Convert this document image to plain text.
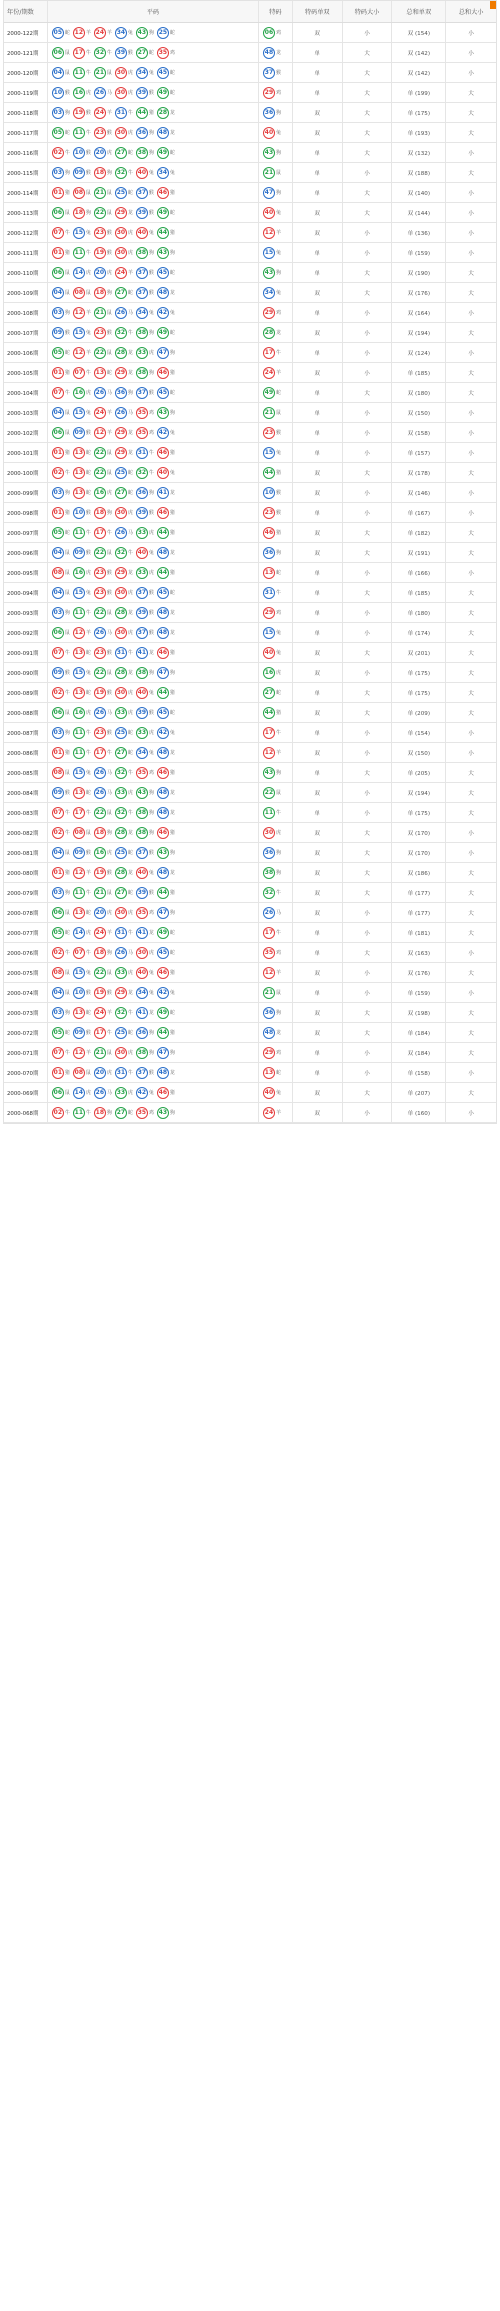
年份/期数	平码	特码	特码单双	特码大小	总和单双	总和大小
2000-122期	05 蛇 12 羊 24 羊 34 兔 43 狗 25 蛇	06 鸡	双	小	双 (154)	小
2000-121期	06 鼠 17 牛 32 牛 39 猴 27 蛇 35 鸡	48 龙	单	大	双 (142)	小
2000-120期	04 鼠 11 牛 21 鼠 30 虎 34 兔 45 蛇	37 猴	单	大	双 (142)	小
2000-119期	10 猴 16 虎 26 马 30 虎 39 猴 49 蛇	29 鸡	单	大	单 (199)	大
2000-118期	03 狗 19 猴 24 羊 31 牛 44 猪 28 龙	36 狗	双	大	单 (175)	大
2000-117期	05 蛇 11 牛 23 猴 30 虎 36 狗 48 龙	40 兔	双	大	单 (193)	大
2000-116期	02 牛 10 猴 20 虎 27 蛇 38 狗 49 蛇	43 狗	单	大	双 (132)	小
2000-115期	03 狗 09 猴 18 狗 32 牛 40 兔 34 兔	21 鼠	单	小	双 (188)	大
2000-114期	01 猪 08 鼠 21 鼠 25 蛇 37 猴 46 猪	47 狗	单	大	双 (140)	小
2000-113期	06 鼠 18 狗 22 鼠 29 龙 39 猴 49 蛇	40 兔	双	大	双 (144)	小
2000-112期	07 牛 15 兔 23 猴 30 虎 40 兔 44 猪	12 羊	双	小	单 (136)	小
2000-111期	01 猪 11 牛 19 猴 30 虎 38 狗 43 狗	15 兔	单	小	单 (159)	小
2000-110期	06 鼠 14 虎 20 虎 24 羊 37 猴 45 蛇	43 狗	单	大	双 (190)	大
2000-109期	04 鼠 08 鼠 18 狗 27 蛇 37 猴 48 龙	34 兔	双	大	双 (176)	大
2000-108期	03 狗 12 羊 21 鼠 26 马 34 兔 42 兔	29 鸡	单	小	双 (164)	小
2000-107期	09 猴 15 兔 23 猴 32 牛 38 狗 49 蛇	28 龙	双	小	双 (194)	大
2000-106期	05 蛇 12 羊 22 鼠 28 龙 33 虎 47 狗	17 牛	单	小	双 (124)	小
2000-105期	01 猪 07 牛 13 蛇 29 龙 38 狗 46 猪	24 羊	双	小	单 (185)	大
2000-104期	07 牛 16 虎 26 马 36 狗 37 猴 45 蛇	49 蛇	单	大	双 (180)	大
2000-103期	04 鼠 15 兔 24 羊 26 马 35 鸡 43 狗	21 鼠	单	小	双 (150)	小
2000-102期	06 鼠 09 猴 12 羊 29 龙 35 鸡 42 兔	23 猴	单	小	双 (158)	小
2000-101期	01 猪 13 蛇 22 鼠 29 龙 31 牛 46 猪	15 兔	单	小	单 (157)	小
2000-100期	02 牛 13 蛇 22 鼠 25 蛇 32 牛 40 兔	44 猪	双	大	双 (178)	大
2000-099期	03 狗 13 蛇 16 虎 27 蛇 36 狗 41 龙	10 猴	双	小	双 (146)	小
2000-098期	01 猪 10 猴 18 狗 30 虎 39 猴 46 猪	23 猴	单	小	单 (167)	小
2000-097期	05 蛇 11 牛 17 牛 26 马 33 虎 44 猪	46 猪	双	大	单 (182)	大
2000-096期	04 鼠 09 猴 22 鼠 32 牛 40 兔 48 龙	36 狗	双	大	双 (191)	大
2000-095期	08 鼠 16 虎 23 猴 29 龙 33 虎 44 猪	13 蛇	单	小	单 (166)	小
2000-094期	04 鼠 15 兔 23 猴 30 虎 37 猴 45 蛇	31 牛	单	大	单 (185)	大
2000-093期	03 狗 11 牛 22 鼠 28 龙 39 猴 48 龙	29 鸡	单	小	单 (180)	大
2000-092期	06 鼠 12 羊 26 马 30 虎 37 猴 48 龙	15 兔	单	小	单 (174)	大
2000-091期	07 牛 13 蛇 23 猴 31 牛 41 龙 46 猪	40 兔	双	大	双 (201)	大
2000-090期	09 猴 15 兔 22 鼠 28 龙 38 狗 47 狗	16 虎	双	小	单 (175)	大
2000-089期	02 牛 13 蛇 19 猴 30 虎 40 兔 44 猪	27 蛇	单	大	单 (175)	大
2000-088期	06 鼠 16 虎 26 马 33 虎 39 猴 45 蛇	44 猪	双	大	单 (209)	大
2000-087期	03 狗 11 牛 23 猴 25 蛇 33 虎 42 兔	17 牛	单	小	单 (154)	小
2000-086期	01 猪 11 牛 17 牛 27 蛇 34 兔 48 龙	12 羊	双	小	双 (150)	小
2000-085期	08 鼠 15 兔 26 马 32 牛 35 鸡 46 猪	43 狗	单	大	单 (205)	大
2000-084期	09 猴 13 蛇 26 马 33 虎 43 狗 48 龙	22 鼠	双	小	双 (194)	大
2000-083期	07 牛 17 牛 22 鼠 32 牛 38 狗 48 龙	11 牛	单	小	单 (175)	大
2000-082期	02 牛 08 鼠 18 狗 28 龙 38 狗 46 猪	30 虎	双	大	双 (170)	小
2000-081期	04 鼠 09 猴 16 虎 25 蛇 37 猴 43 狗	36 狗	双	大	双 (170)	小
2000-080期	01 猪 12 羊 19 猴 28 龙 40 兔 48 龙	38 狗	双	大	双 (186)	大
2000-079期	03 狗 11 牛 21 鼠 27 蛇 39 猴 44 猪	32 牛	双	大	单 (177)	大
2000-078期	06 鼠 13 蛇 20 虎 30 虎 35 鸡 47 狗	26 马	双	小	单 (177)	大
2000-077期	05 蛇 14 虎 24 羊 31 牛 41 龙 49 蛇	17 牛	单	小	单 (181)	大
2000-076期	02 牛 07 牛 18 狗 26 马 30 虎 45 蛇	35 鸡	单	大	双 (163)	小
2000-075期	08 鼠 15 兔 22 鼠 33 虎 40 兔 46 猪	12 羊	双	小	双 (176)	大
2000-074期	04 鼠 10 猴 19 猴 29 龙 34 兔 42 兔	21 鼠	单	小	单 (159)	小
2000-073期	03 狗 13 蛇 24 羊 32 牛 41 龙 49 蛇	36 狗	双	大	双 (198)	大
2000-072期	05 蛇 09 猴 17 牛 25 蛇 36 狗 44 猪	48 龙	双	大	单 (184)	大
2000-071期	07 牛 12 羊 21 鼠 30 虎 38 狗 47 狗	29 鸡	单	小	双 (184)	大
2000-070期	01 猪 08 鼠 20 虎 31 牛 37 猴 48 龙	13 蛇	单	小	单 (158)	小
2000-069期	06 鼠 14 虎 26 马 33 虎 42 兔 46 猪	40 兔	双	大	单 (207)	大
2000-068期	02 牛 11 牛 18 狗 27 蛇 35 鸡 43 狗	24 羊	双	小	单 (160)	小
